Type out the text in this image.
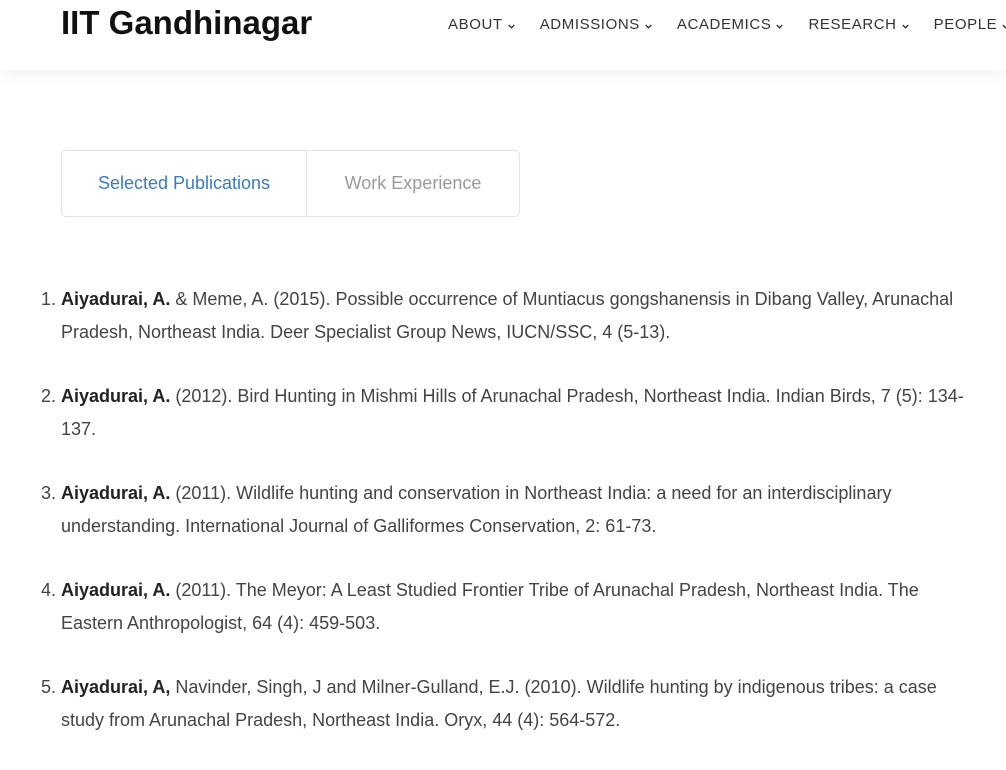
IIT Gandhinagar	ABOUT ADMISSIONS ACADEMICS RESEARCH PEOPLE
Selected Publications	Work Experience
1. Aiyadurai, A. & Meme, A. (2015). Possible occurrence of Muntiacus gongshanensis in Dibang Valley, Arunachal Pradesh, Northeast India. Deer Specialist Group News, IUCN/SSC, 4 (5-13).
2. Aiyadurai, A. (2012). Bird Hunting in Mishmi Hills of Arunachal Pradesh, Northeast India. Indian Birds, 7 (5): 134-137.
3. Aiyadurai, A. (2011). Wildlife hunting and conservation in Northeast India: a need for an interdisciplinary understanding. International Journal of Galliformes Conservation, 2: 61-73.
4. Aiyadurai, A. (2011). The Meyor: A Least Studied Frontier Tribe of Arunachal Pradesh, Northeast India. The Eastern Anthropologist, 64 (4): 459-503.
5. Aiyadurai, A, Navinder, Singh, J and Milner-Gulland, E.J. (2010). Wildlife hunting by indigenous tribes: a case study from Arunachal Pradesh, Northeast India. Oryx, 44 (4): 564-572.
